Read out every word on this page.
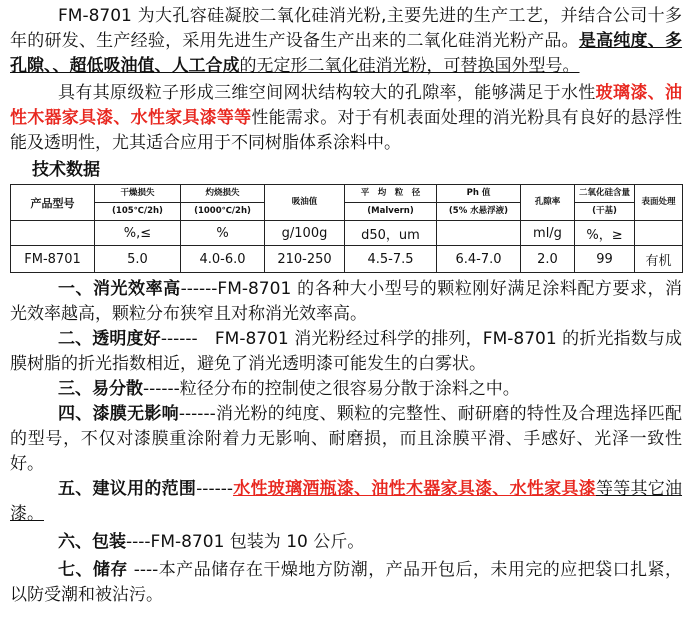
FM-8701 为大孔容硅凝胶二氧化硅消光粉,主要先进的生产工艺，并结合公司十多年的研发、生产经验，采用先进生产设备生产出来的二氧化硅消光粉产品。是高纯度、多孔隙、、超低吸油值、人工合成的无定形二氧化硅消光粉，可替换国外型号。

具有其原级粒子形成三维空间网状结构较大的孔隙率，能够满足于水性玻璃漆、油性木器家具漆、水性家具漆等等性能需求。对于有机表面处理的消光粉具有良好的悬浮性能及透明性，尤其适合应用于不同树脂体系涂料中。

技术数据
产品型号	干燥损失	灼烧损失	吸油值	平　均　粒　径	Ph 值	孔隙率	二氧化硅含量	表面处理
	(105℃/2h)	(1000℃/2h)		(Malvern)	(5% 水悬浮液)		(干基)	
	%,≤	%	g/100g	d50，um		ml/g	%，≥	
FM-8701	5.0	4.0-6.0	210-250	4.5-7.5	6.4-7.0	2.0	99	有机

一、消光效率高------FM-8701 的各种大小型号的颗粒刚好满足涂料配方要求，消光效率越高，颗粒分布狭窄且对称消光效率高。

二、透明度好------　FM-8701 消光粉经过科学的排列，FM-8701 的折光指数与成膜树脂的折光指数相近，避免了消光透明漆可能发生的白雾状。

三、易分散------粒径分布的控制使之很容易分散于涂料之中。

四、漆膜无影响------消光粉的纯度、颗粒的完整性、耐研磨的特性及合理选择匹配的型号，不仅对漆膜重涂附着力无影响、耐磨损，而且涂膜平滑、手感好、光泽一致性好。

五、建议用的范围------水性玻璃酒瓶漆、油性木器家具漆、水性家具漆等等其它油漆。

六、包装----FM-8701 包装为 10 公斤。

七、储存 ----本产品储存在干燥地方防潮，产品开包后，未用完的应把袋口扎紧，以防受潮和被沾污。
